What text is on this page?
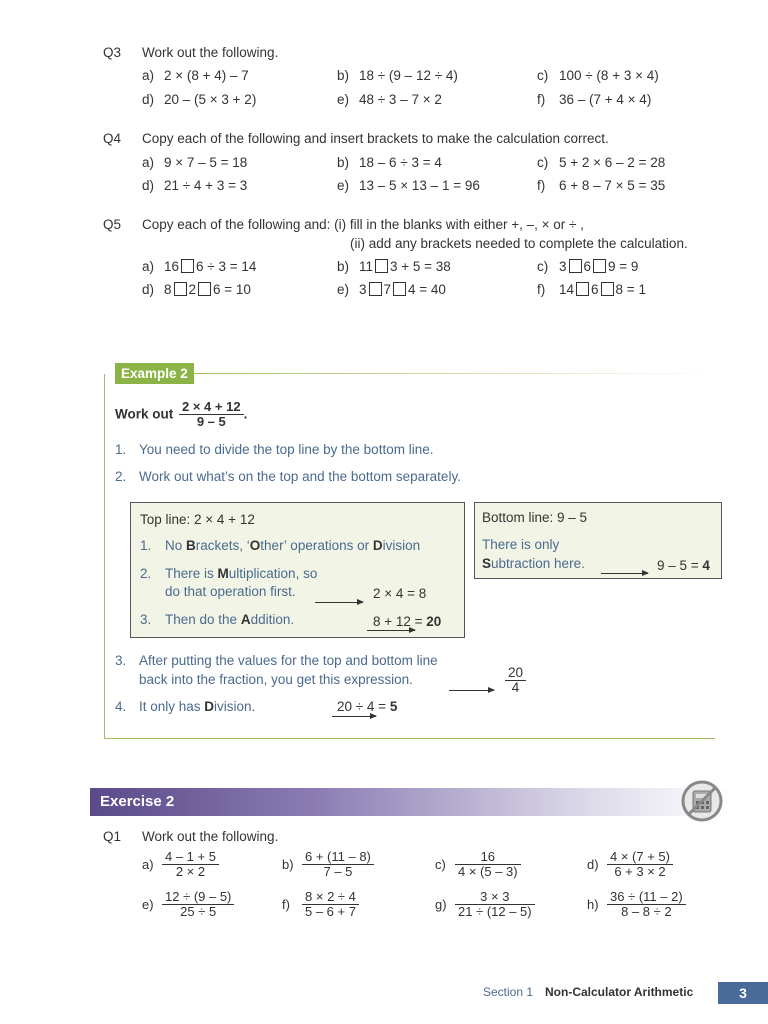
Q3 Work out the following.
a) 2 × (8 + 4) – 7	b) 18 ÷ (9 – 12 ÷ 4)	c) 100 ÷ (8 + 3 × 4)
d) 20 – (5 × 3 + 2)	e) 48 ÷ 3 – 7 × 2	f) 36 – (7 + 4 × 4)
Q4 Copy each of the following and insert brackets to make the calculation correct.
a) 9 × 7 – 5 = 18	b) 18 – 6 ÷ 3 = 4	c) 5 + 2 × 6 – 2 = 28
d) 21 ÷ 4 + 3 = 3	e) 13 – 5 × 13 – 1 = 96	f) 6 + 8 – 7 × 5 = 35
Q5 Copy each of the following and: (i) fill in the blanks with either +, –, × or ÷ ,
(ii) add any brackets needed to complete the calculation.
a) 16 6 ÷ 3 = 14	b) 11 3 + 5 = 38	c) 3 6 9 = 9
d) 8 2 6 = 10	e) 3 7 4 = 40	f) 14 6 8 = 1
Example 2
Work out $\frac{2 \times 4 + 12}{9 - 5}$ .
1. You need to divide the top line by the bottom line.
2. Work out what’s on the top and the bottom separately.
Top line: 2 × 4 + 12
1. No Brackets, ‘Other’ operations or Division
2. There is Multiplication, so
do that operation first.
	2 × 4 = 8
3. Then do the Addition.	8 + 12 = 20
Bottom line: 9 – 5
There is only
Subtraction here.	9 – 5 = 4
3. After putting the values for the top and bottom line
back into the fraction, you get this expression.
	$\frac{20}{4}$
4. It only has Division.	20 ÷ 4 = 5
Exercise 2
Q1 Work out the following.
$a) \frac{4 - 1 + 5}{2 \times 2}$	$b) \frac{6 + (11 - 8)}{7 - 5}$	$c) \frac{16}{4 \times (5 - 3)}$	$d) \frac{4 \times (7 + 5)}{6 + 3 \times 2}$
$e) \frac{12 \div (9 - 5)}{25 \div 5}$	$f) \frac{8 \times 2 \div 4}{5 - 6 + 7}$	$g) \frac{3 \times 3}{21 \div (12 - 5)}$	$h) \frac{36 \div (11 - 2)}{8 - 8 \div 2}$
Section 1 Non-Calculator Arithmetic	3
